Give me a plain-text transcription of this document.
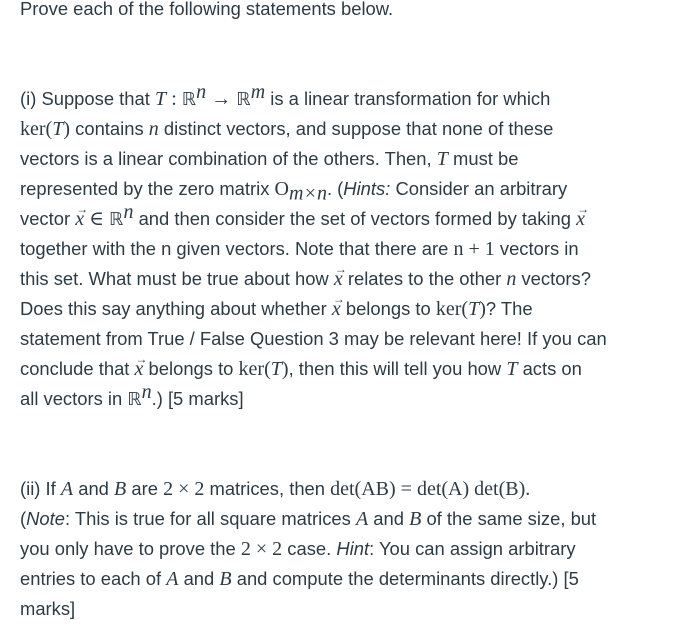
Prove each of the following statements below.
(i) Suppose that T : ℝ$^n$ → ℝ$^m$ is a linear transformation for which
ker(T) contains n distinct vectors, and suppose that none of these
vectors is a linear combination of the others. Then, T must be
represented by the zero matrix $O_{m\times n}$. (Hints: Consider an arbitrary
vector → x ∈ ℝ$^n$ and then consider the set of vectors formed by taking → x
together with the n given vectors. Note that there are n + 1 vectors in
this set. What must be true about how → x relates to the other n vectors?
Does this say anything about whether → x belongs to ker(T)? The
statement from True / False Question 3 may be relevant here! If you can
conclude that → x belongs to ker(T), then this will tell you how T acts on
all vectors in ℝ$^n$.) [5 marks]
(ii) If A and B are 2 × 2 matrices, then det(AB) = det(A) det(B).
(Note: This is true for all square matrices A and B of the same size, but
you only have to prove the 2 × 2 case. Hint: You can assign arbitrary
entries to each of A and B and compute the determinants directly.) [5
marks]
